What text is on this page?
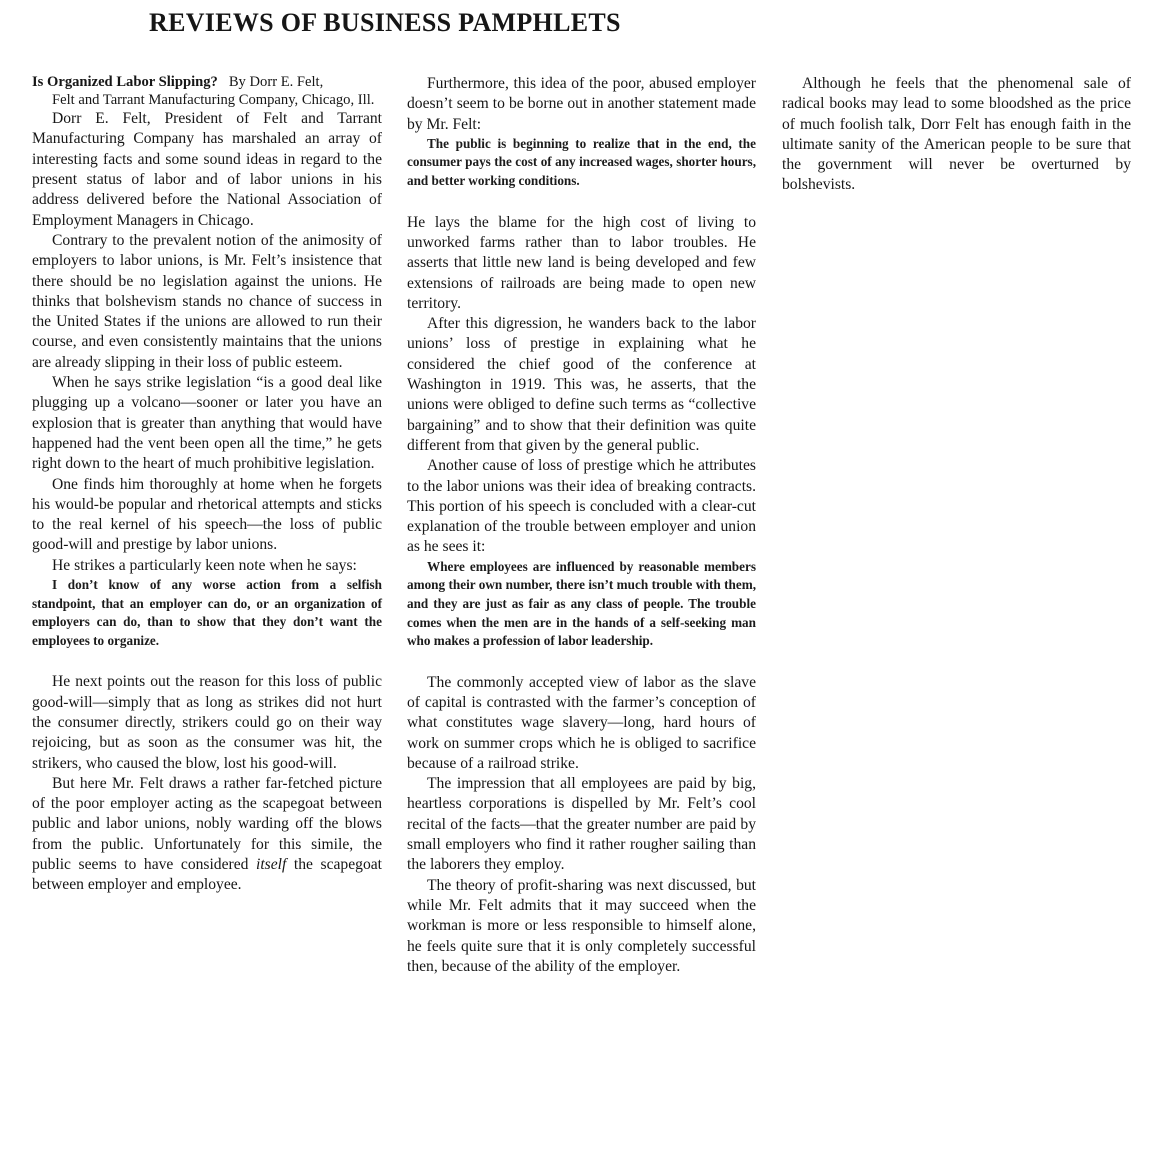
REVIEWS OF BUSINESS PAMPHLETS

Is Organized Labor Slipping? By Dorr E. Felt,
Felt and Tarrant Manufacturing Company, Chicago, Ill.

Dorr E. Felt, President of Felt and Tarrant Manufacturing Company has marshaled an array of interesting facts and some sound ideas in regard to the present status of labor and of labor unions in his address delivered before the National Association of Employment Managers in Chicago.

Contrary to the prevalent notion of the animosity of employers to labor unions, is Mr. Felt’s insistence that there should be no legislation against the unions. He thinks that bolshevism stands no chance of success in the United States if the unions are allowed to run their course, and even consistently maintains that the unions are already slipping in their loss of public esteem.

When he says strike legislation “is a good deal like plugging up a volcano—sooner or later you have an explosion that is greater than anything that would have happened had the vent been open all the time,” he gets right down to the heart of much prohibitive legislation.

One finds him thoroughly at home when he forgets his would-be popular and rhetorical attempts and sticks to the real kernel of his speech—the loss of public good-will and prestige by labor unions.

He strikes a particularly keen note when he says:

I don’t know of any worse action from a selfish standpoint, that an employer can do, or an organization of employers can do, than to show that they don’t want the employees to organize.

He next points out the reason for this loss of public good-will—simply that as long as strikes did not hurt the consumer directly, strikers could go on their way rejoicing, but as soon as the consumer was hit, the strikers, who caused the blow, lost his good-will.

But here Mr. Felt draws a rather far-fetched picture of the poor employer acting as the scapegoat between public and labor unions, nobly warding off the blows from the public. Unfortunately for this simile, the public seems to have considered itself the scapegoat between employer and employee.

Furthermore, this idea of the poor, abused employer doesn’t seem to be borne out in another statement made by Mr. Felt:

The public is beginning to realize that in the end, the consumer pays the cost of any increased wages, shorter hours, and better working conditions.

He lays the blame for the high cost of living to unworked farms rather than to labor troubles. He asserts that little new land is being developed and few extensions of railroads are being made to open new territory.

After this digression, he wanders back to the labor unions’ loss of prestige in explaining what he considered the chief good of the conference at Washington in 1919. This was, he asserts, that the unions were obliged to define such terms as “collective bargaining” and to show that their definition was quite different from that given by the general public.

Another cause of loss of prestige which he attributes to the labor unions was their idea of breaking contracts. This portion of his speech is concluded with a clear-cut explanation of the trouble between employer and union as he sees it:

Where employees are influenced by reasonable members among their own number, there isn’t much trouble with them, and they are just as fair as any class of people. The trouble comes when the men are in the hands of a self-seeking man who makes a profession of labor leadership.

The commonly accepted view of labor as the slave of capital is contrasted with the farmer’s conception of what constitutes wage slavery—long, hard hours of work on summer crops which he is obliged to sacrifice because of a railroad strike.

The impression that all employees are paid by big, heartless corporations is dispelled by Mr. Felt’s cool recital of the facts—that the greater number are paid by small employers who find it rather rougher sailing than the laborers they employ.

The theory of profit-sharing was next discussed, but while Mr. Felt admits that it may succeed when the workman is more or less responsible to himself alone, he feels quite sure that it is only completely successful then, because of the ability of the employer.

Although he feels that the phenomenal sale of radical books may lead to some bloodshed as the price of much foolish talk, Dorr Felt has enough faith in the ultimate sanity of the American people to be sure that the government will never be overturned by bolshevists.
